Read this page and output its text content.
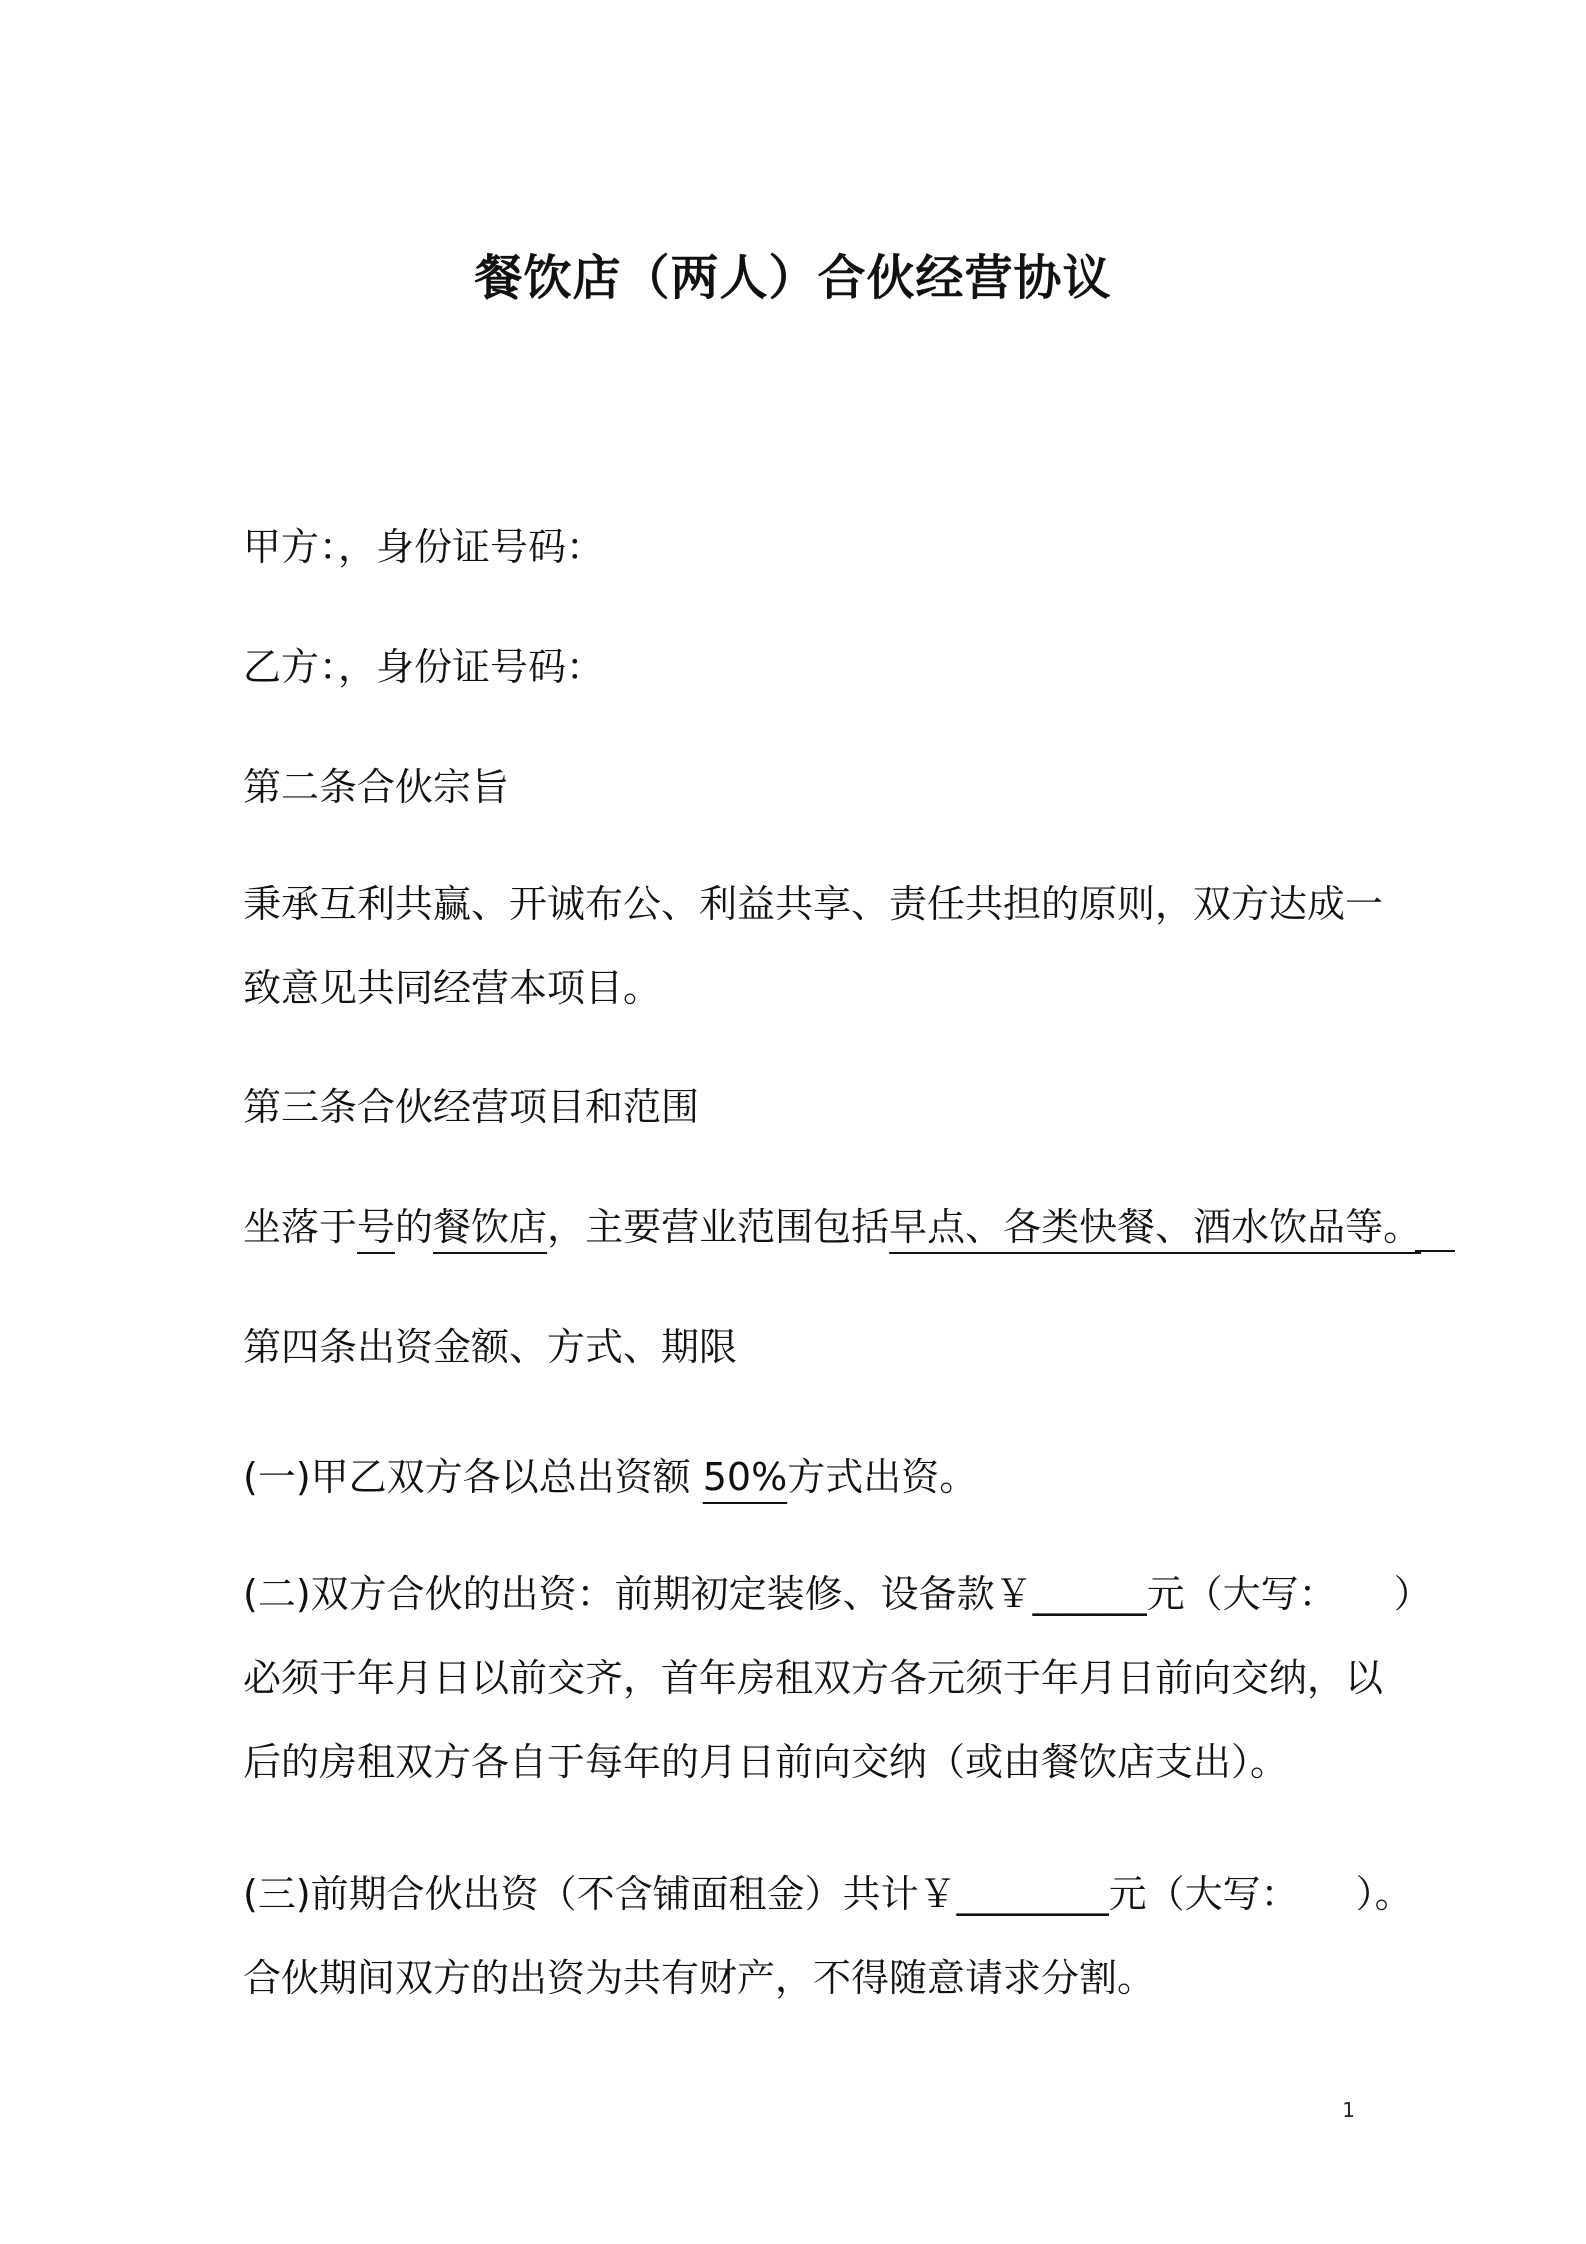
餐饮店（两人）合伙经营协议
甲方：，身份证号码：
乙方：，身份证号码：
第二条合伙宗旨
秉承互利共赢、开诚布公、利益共享、责任共担的原则，双方达成一
致意见共同经营本项目。
第三条合伙经营项目和范围
坐落于号的餐饮店，主要营业范围包括早点、各类快餐、酒水饮品等。
第四条出资金额、方式、期限
(一)甲乙双方各以总出资额 50%方式出资。
(二)双方合伙的出资：前期初定装修、设备款￥______元（大写：　　）
必须于年月日以前交齐，首年房租双方各元须于年月日前向交纳，以
后的房租双方各自于每年的月日前向交纳（或由餐饮店支出）。
(三)前期合伙出资（不含铺面租金）共计￥________元（大写：　　）。
合伙期间双方的出资为共有财产，不得随意请求分割。
1
